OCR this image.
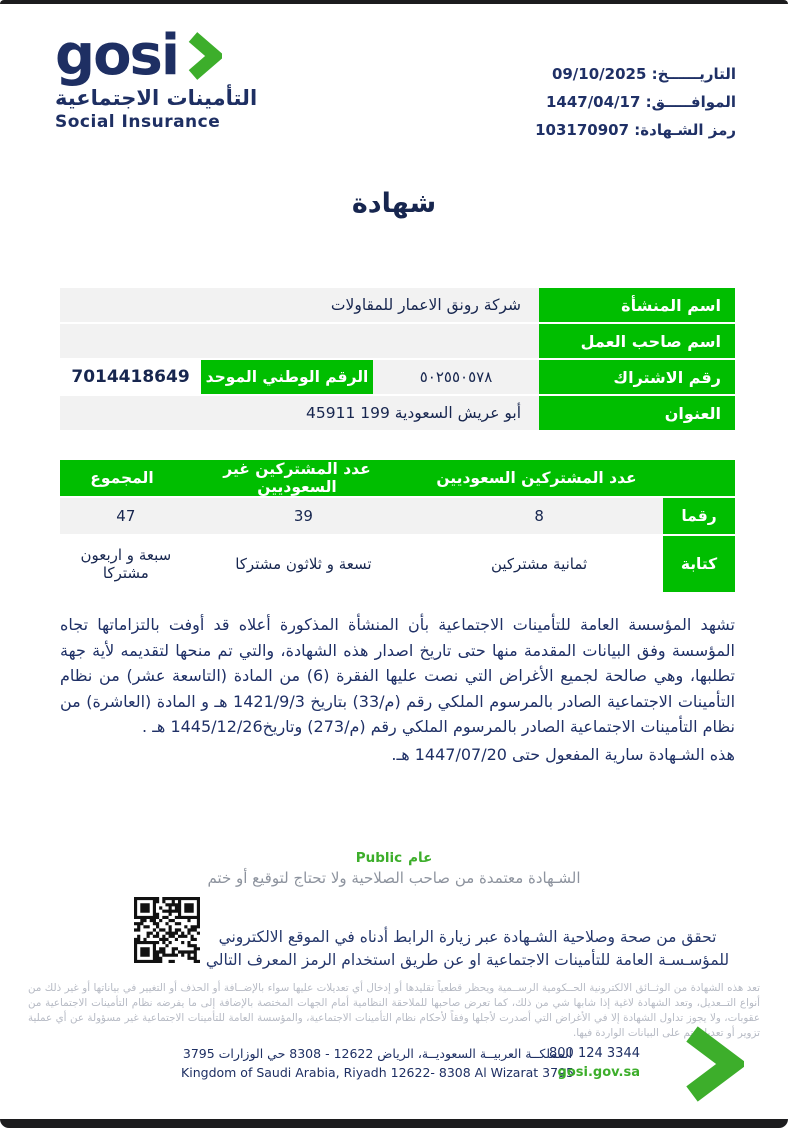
gosi
التأمينات الاجتماعية
Social Insurance
التاريــــــخ: 09/10/2025
الموافـــــق: 1447/04/17
رمز الشـهادة: 103170907
شهادة
اسم المنشأة
شركة رونق الاعمار للمقاولات
اسم صاحب العمل
رقم الاشتراك
٥٠٢٥٥٠٥٧٨
الرقم الوطني الموحد
7014418649
العنوان
أبو عريش السعودية 199 45911
عدد المشتركين السعوديين
عدد المشتركين غير السعوديين
المجموع
رقما
8
39
47
كتابة
ثمانية مشتركين
تسعة و ثلاثون مشتركا
سبعة و اربعون مشتركا

تشهد المؤسسة العامة للتأمينات الاجتماعية بأن المنشأة المذكورة أعلاه قد أوفت بالتزاماتها تجاه المؤسسة وفق البيانات المقدمة منها حتى تاريخ اصدار هذه الشهادة، والتي تم منحها لتقديمه لأية جهة تطلبها، وهي صالحة لجميع الأغراض التي نصت عليها الفقرة (6) من المادة (التاسعة عشر) من نظام التأمينات الاجتماعية الصادر بالمرسوم الملكي رقم (م/33) بتاريخ 1421/9/3 هـ و المادة (العاشرة) من نظام التأمينات الاجتماعية الصادر بالمرسوم الملكي رقم (م/273) وتاريخ1445/12/26 هـ .

هذه الشـهادة سارية المفعول حتى 1447/07/20 هـ.

Public عام
الشـهادة معتمدة من صاحب الصلاحية ولا تحتاج لتوقيع أو ختم
تحقق من صحة وصلاحية الشـهادة عبر زيارة الرابط أدناه في الموقع الالكتروني للمؤسـسـة العامة للتأمينات الاجتماعية او عن طريق استخدام الرمز المعرف التالي
تعد هذه الشهادة من الوثــائق الالكترونية الحــكومية الرســمية ويحظر قطعياً تقليدها أو إدخال أي تعديلات عليها سواء بالإضــافة أو الحذف أو التغيير في بياناتها أو غير ذلك من أنواع التــعديل، وتعد الشهادة لاغية إذا شابها شي من ذلك، كما تعرض صاحبها للملاحقة النظامية أمام الجهات المختصة بالإضافة إلى ما يفرضه نظام التأمينات الاجتماعية من عقوبات، ولا يجوز تداول الشهادة إلا في الأغراض التي أصدرت لأجلها وفقاً لأحكام نظام التأمينات الاجتماعية، والمؤسسة العامة للتأمينات الاجتماعية غير مسؤولة عن أي عملية تزوير أو تعديل تتم على البيانات الواردة فيها.
المملكــة العربيــة السعوديــة، الرياض 12622 - 8308 حي الوزارات 3795
Kingdom of Saudi Arabia, Riyadh 12622- 8308 Al Wizarat 3795
800 124 3344
gosi.gov.sa
